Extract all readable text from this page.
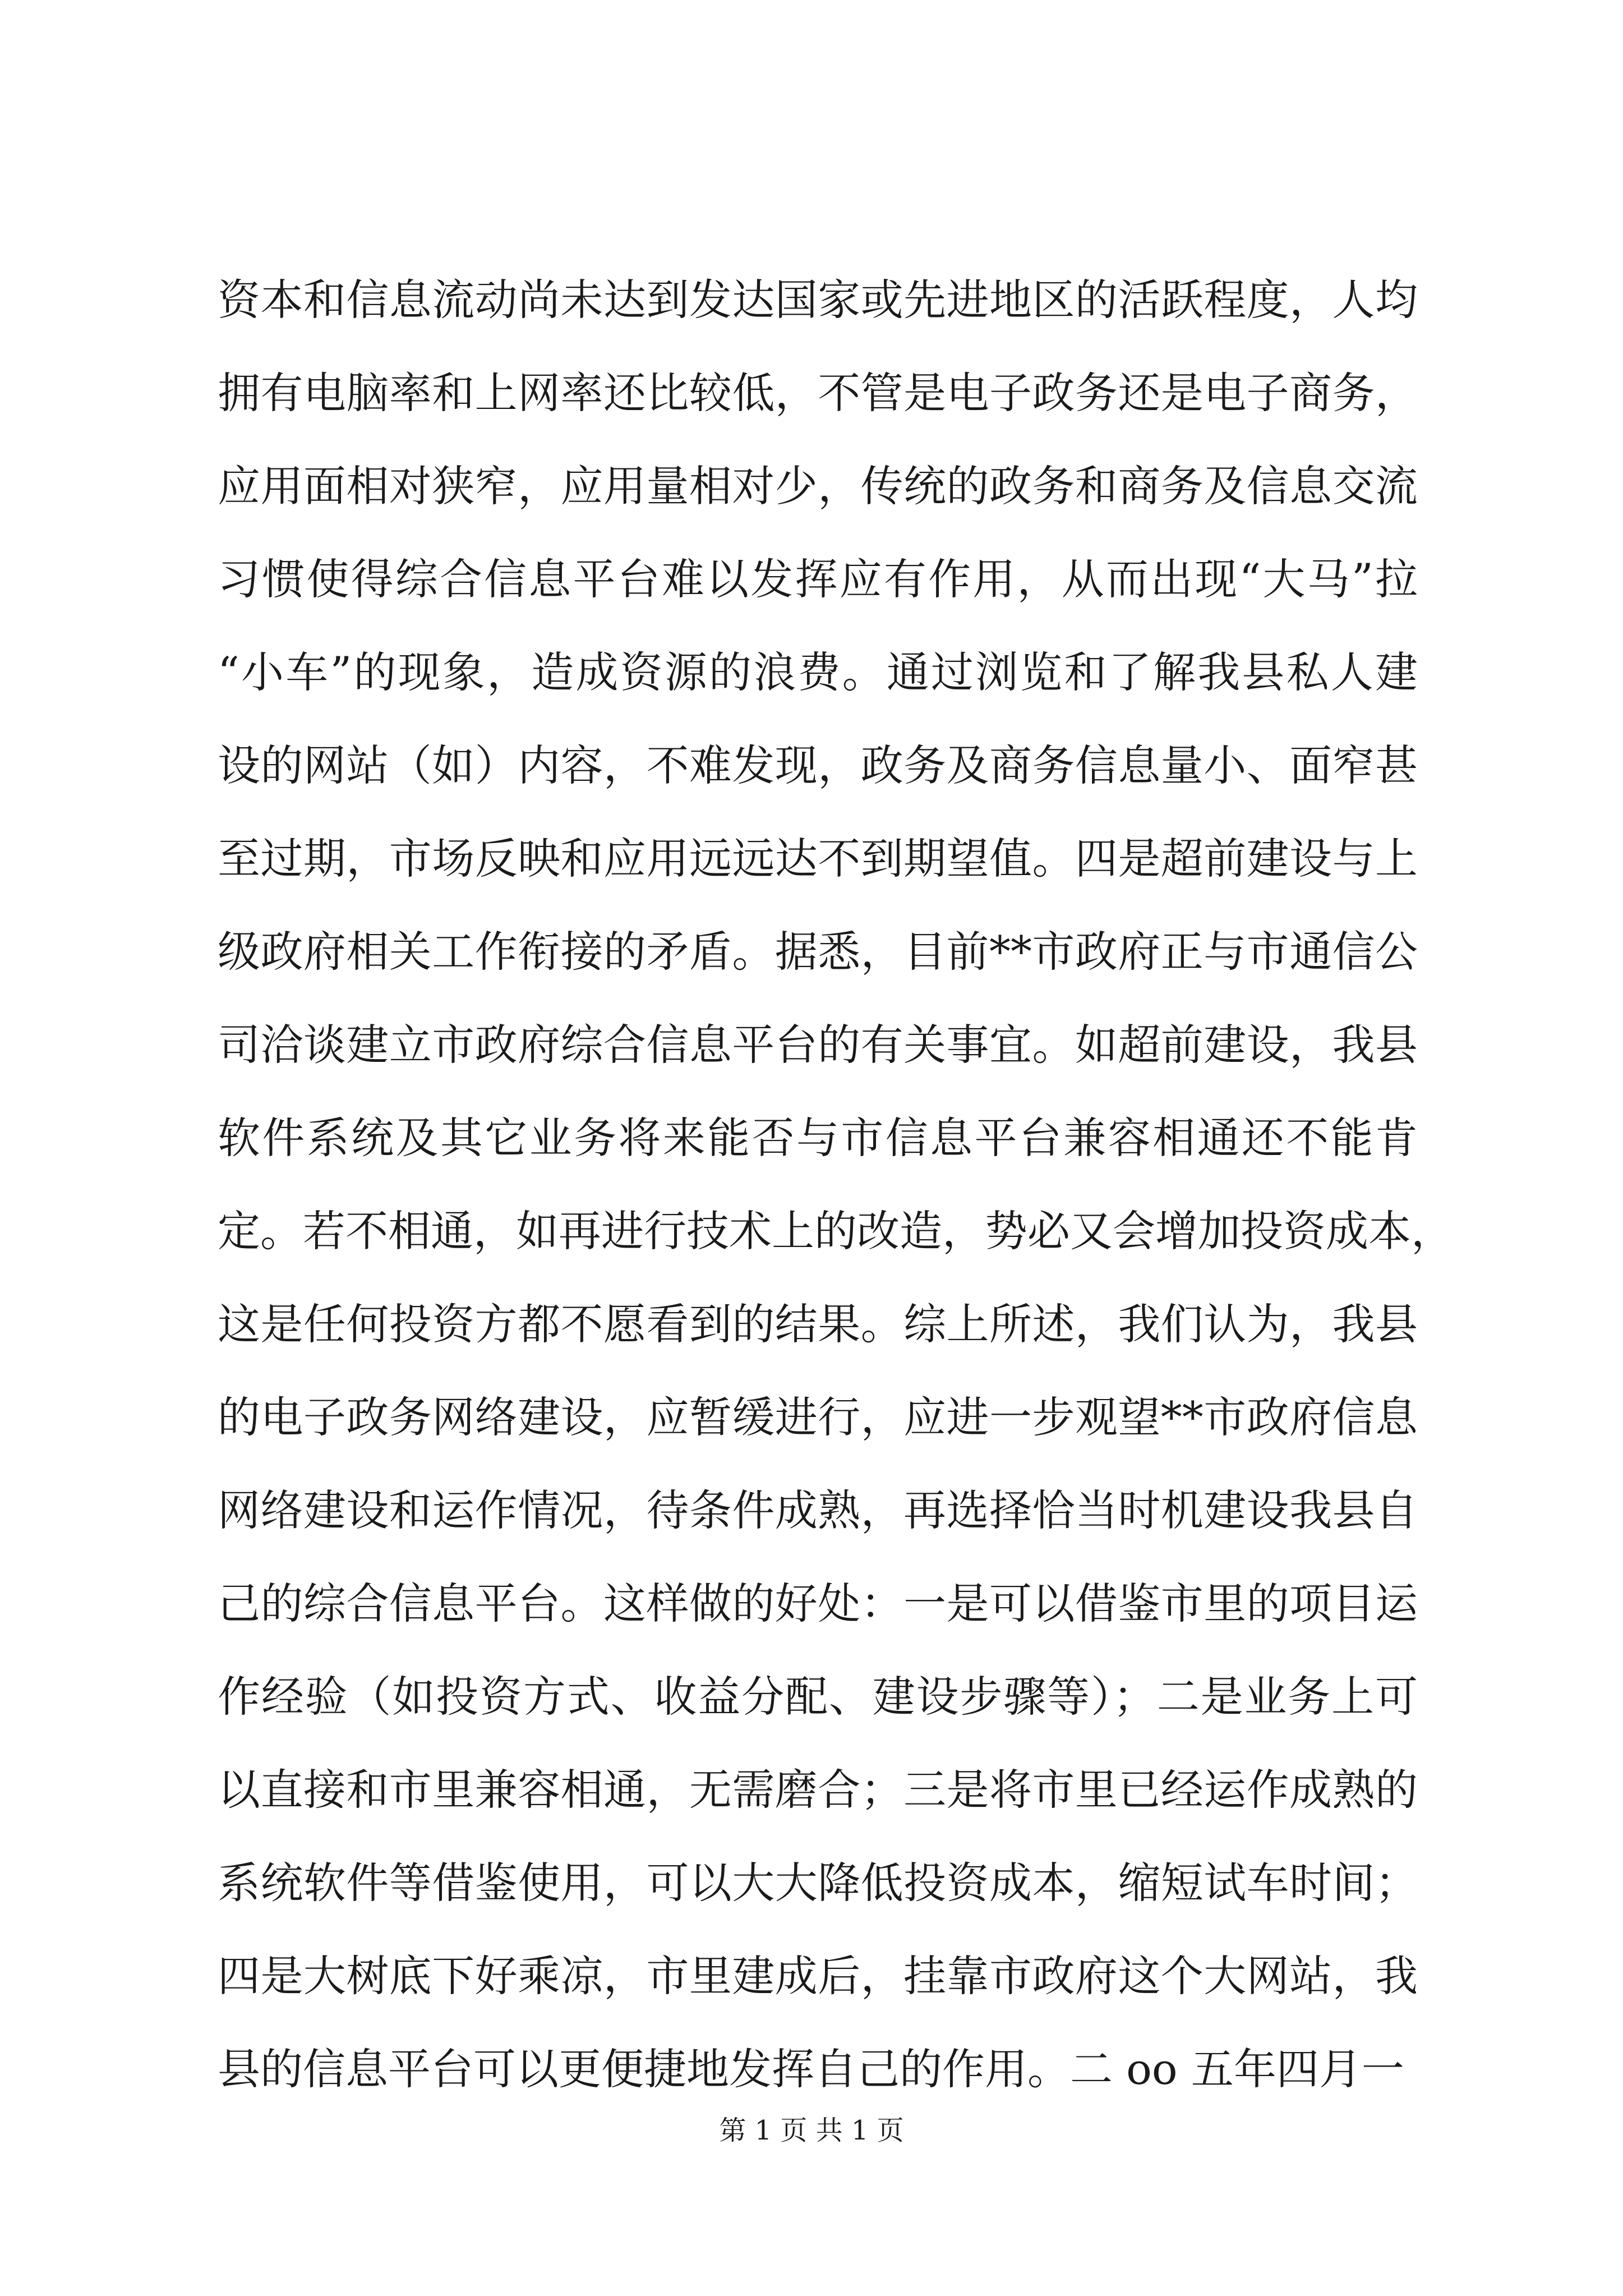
资本和信息流动尚未达到发达国家或先进地区的活跃程度，人均
拥有电脑率和上网率还比较低，不管是电子政务还是电子商务，
应用面相对狭窄，应用量相对少，传统的政务和商务及信息交流
习惯使得综合信息平台难以发挥应有作用，从而出现“大马”拉
“小车”的现象，造成资源的浪费。通过浏览和了解我县私人建
设的网站（如）内容，不难发现，政务及商务信息量小、面窄甚
至过期，市场反映和应用远远达不到期望值。四是超前建设与上
级政府相关工作衔接的矛盾。据悉，目前**市政府正与市通信公
司洽谈建立市政府综合信息平台的有关事宜。如超前建设，我县
软件系统及其它业务将来能否与市信息平台兼容相通还不能肯
定。若不相通，如再进行技术上的改造，势必又会增加投资成本，
这是任何投资方都不愿看到的结果。综上所述，我们认为，我县
的电子政务网络建设，应暂缓进行，应进一步观望**市政府信息
网络建设和运作情况，待条件成熟，再选择恰当时机建设我县自
己的综合信息平台。这样做的好处：一是可以借鉴市里的项目运
作经验（如投资方式、收益分配、建设步骤等）；二是业务上可
以直接和市里兼容相通，无需磨合；三是将市里已经运作成熟的
系统软件等借鉴使用，可以大大降低投资成本，缩短试车时间；
四是大树底下好乘凉，市里建成后，挂靠市政府这个大网站，我
县的信息平台可以更便捷地发挥自己的作用。二 oo 五年四月一
第 1 页 共 1 页
